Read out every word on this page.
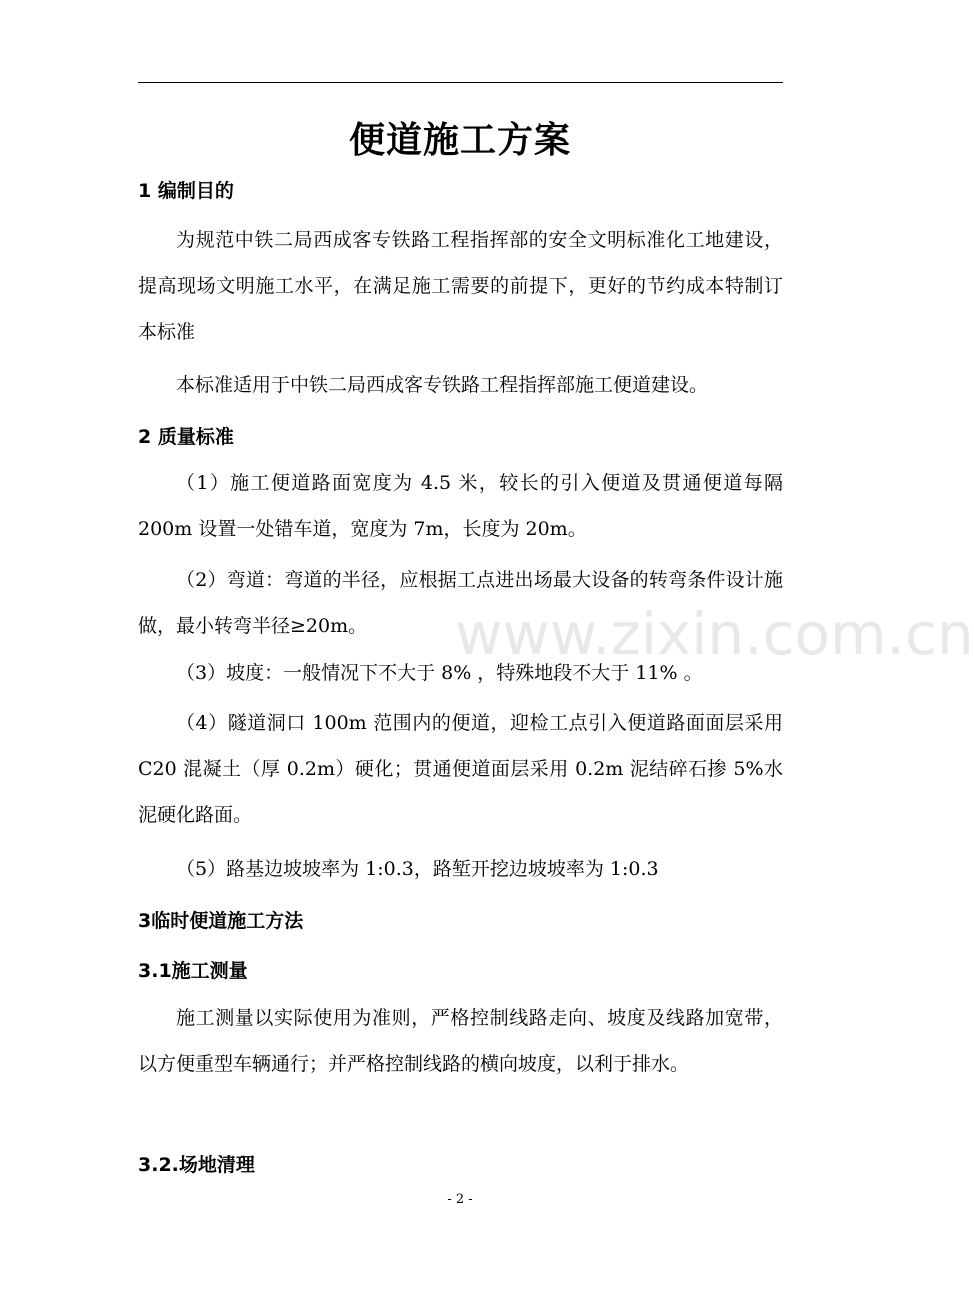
便道施工方案
1 编制目的

为规范中铁二局西成客专铁路工程指挥部的安全文明标准化工地建设，提高现场文明施工水平，在满足施工需要的前提下，更好的节约成本特制订本标准

本标准适用于中铁二局西成客专铁路工程指挥部施工便道建设。

2 质量标准

（1）施工便道路面宽度为 4.5 米，较长的引入便道及贯通便道每隔 200m 设置一处错车道，宽度为 7m，长度为 20m。

（2）弯道：弯道的半径，应根据工点进出场最大设备的转弯条件设计施做，最小转弯半径≥20m。

（3）坡度：一般情况下不大于 8% ，特殊地段不大于 11% 。

（4）隧道洞口 100m 范围内的便道，迎检工点引入便道路面面层采用 C20 混凝土（厚 0.2m）硬化；贯通便道面层采用 0.2m 泥结碎石掺 5%水泥硬化路面。

（5）路基边坡坡率为 1:0.3，路堑开挖边坡坡率为 1:0.3

3临时便道施工方法
3.1施工测量

施工测量以实际使用为准则，严格控制线路走向、坡度及线路加宽带，以方便重型车辆通行；并严格控制线路的横向坡度，以利于排水。

3.2.场地清理
www.zixin.com.cn
- 2 -
